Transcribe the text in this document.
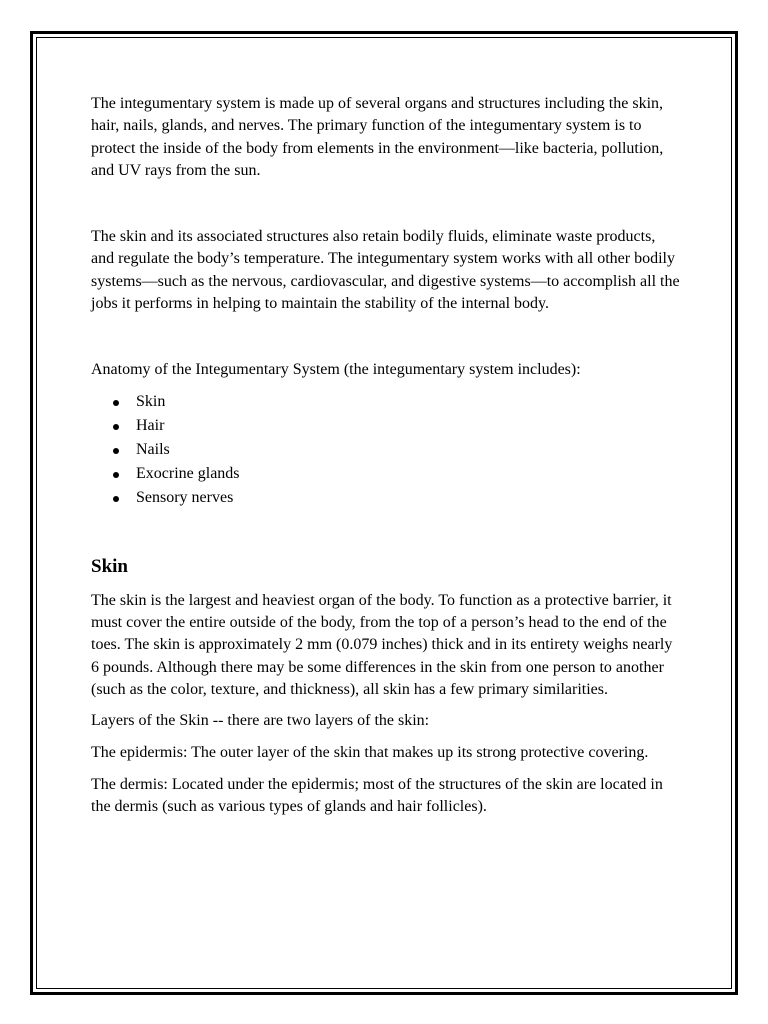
The integumentary system is made up of several organs and structures including the skin, hair, nails, glands, and nerves. The primary function of the integumentary system is to protect the inside of the body from elements in the environment—like bacteria, pollution, and UV rays from the sun.

The skin and its associated structures also retain bodily fluids, eliminate waste products, and regulate the body’s temperature. The integumentary system works with all other bodily systems—such as the nervous, cardiovascular, and digestive systems—to accomplish all the jobs it performs in helping to maintain the stability of the internal body.

Anatomy of the Integumentary System (the integumentary system includes):

Skin
Hair
Nails
Exocrine glands
Sensory nerves
Skin

The skin is the largest and heaviest organ of the body. To function as a protective barrier, it must cover the entire outside of the body, from the top of a person’s head to the end of the toes. The skin is approximately 2 mm (0.079 inches) thick and in its entirety weighs nearly 6 pounds. Although there may be some differences in the skin from one person to another (such as the color, texture, and thickness), all skin has a few primary similarities.

Layers of the Skin -- there are two layers of the skin:

The epidermis: The outer layer of the skin that makes up its strong protective covering.

The dermis: Located under the epidermis; most of the structures of the skin are located in the dermis (such as various types of glands and hair follicles).
